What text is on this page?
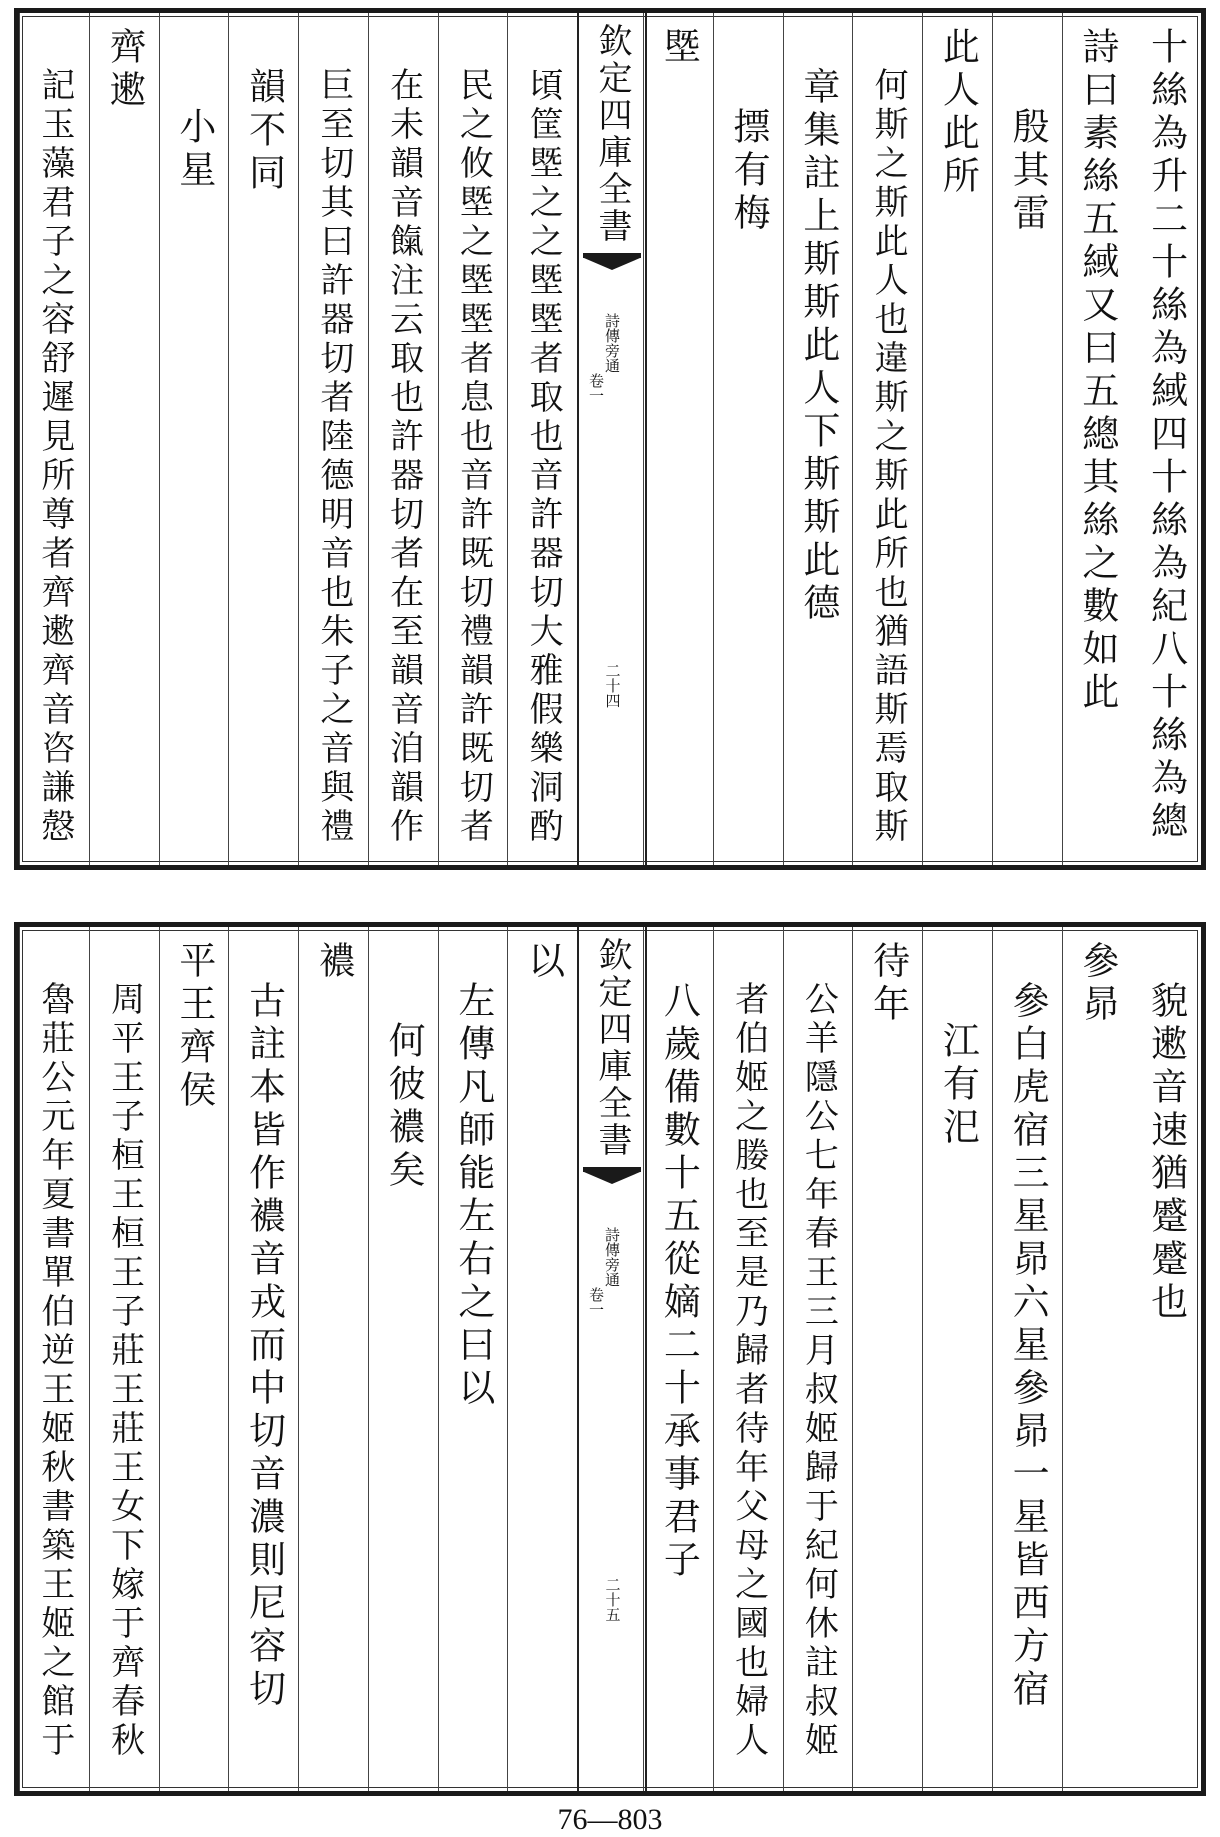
十絲為升二十絲為緎四十絲為紀八十絲為總
詩曰素絲五緎又曰五總其絲之數如此
殷其雷
此人此所
何斯之斯此人也違斯之斯此所也猶語斯焉取斯
章集註上斯斯此人下斯斯此德
摽有梅
塈
欽定四庫全書
詩傳旁通
卷一
二十四
頃筐塈之之塈塈者取也音許器切大雅假樂洞酌
民之攸塈之塈塈者息也音許既切禮韻許既切者
在未韻音餼注云取也許器切者在至韻音洎韻作
巨至切其曰許器切者陸德明音也朱子之音與禮
韻不同
小星
齊遬
記玉藻君子之容舒遲見所尊者齊遬齊音咨謙慤
貌遬音速猶蹙蹙也
參昴
參白虎宿三星昴六星參昴一星皆西方宿
江有汜
待年
公羊隱公七年春王三月叔姬歸于紀何休註叔姬
者伯姬之媵也至是乃歸者待年父母之國也婦人
八歲備數十五從嫡二十承事君子
欽定四庫全書
詩傳旁通
卷一
二十五
以
左傳凡師能左右之曰以
何彼襛矣
襛
古註本皆作襛音戎而中切音濃則尼容切
平王齊侯
周平王子桓王桓王子莊王莊王女下嫁于齊春秋
魯莊公元年夏書單伯逆王姬秋書築王姬之館于
76—803
